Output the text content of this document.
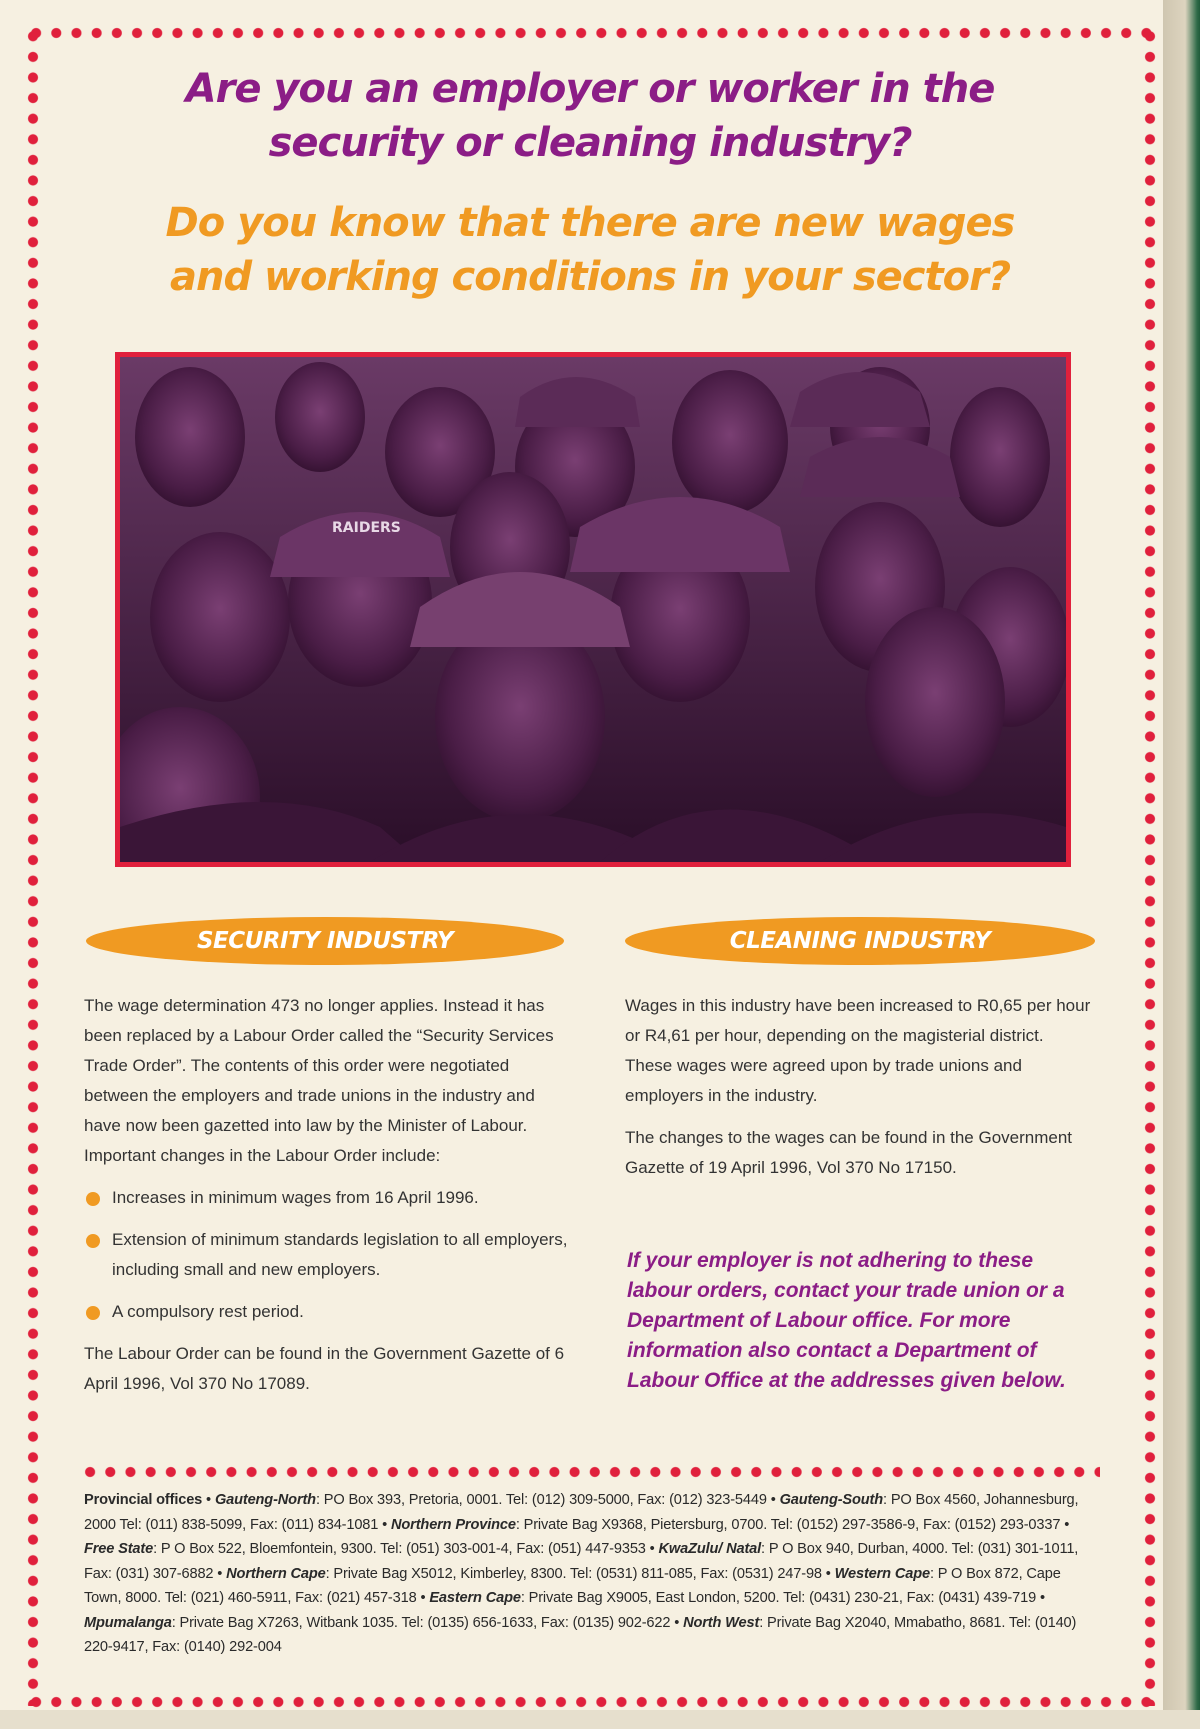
Are you an employer or worker in the
security or cleaning industry?
Do you know that there are new wages
and working conditions in your sector?
RAIDERS
SECURITY INDUSTRY	CLEANING INDUSTRY

The wage determination 473 no longer applies. Instead it has been replaced by a Labour Order called the “Security Services Trade Order”. The contents of this order were negotiated between the employers and trade unions in the industry and have now been gazetted into law by the Minister of Labour. Important changes in the Labour Order include:

Increases in minimum wages from 16 April 1996.
Extension of minimum standards legislation to all employers, including small and new employers.
A compulsory rest period.

The Labour Order can be found in the Government Gazette of 6 April 1996, Vol 370 No 17089.

Wages in this industry have been increased to R0,65 per hour or R4,61 per hour, depending on the magisterial district. These wages were agreed upon by trade unions and employers in the industry.

The changes to the wages can be found in the Government Gazette of 19 April 1996, Vol 370 No 17150.

If your employer is not adhering to these labour orders, contact your trade union or a Department of Labour office. For more information also contact a Department of Labour Office at the addresses given below.

Provincial offices • Gauteng-North: PO Box 393, Pretoria, 0001. Tel: (012) 309-5000, Fax: (012) 323-5449 • Gauteng-South: PO Box 4560, Johannesburg, 2000 Tel: (011) 838-5099, Fax: (011) 834-1081 • Northern Province: Private Bag X9368, Pietersburg, 0700. Tel: (0152) 297-3586-9, Fax: (0152) 293-0337 • Free State: P O Box 522, Bloemfontein, 9300. Tel: (051) 303-001-4, Fax: (051) 447-9353 • KwaZulu/ Natal: P O Box 940, Durban, 4000. Tel: (031) 301-1011, Fax: (031) 307-6882 • Northern Cape: Private Bag X5012, Kimberley, 8300. Tel: (0531) 811-085, Fax: (0531) 247-98 • Western Cape: P O Box 872, Cape Town, 8000. Tel: (021) 460-5911, Fax: (021) 457-318 • Eastern Cape: Private Bag X9005, East London, 5200. Tel: (0431) 230-21, Fax: (0431) 439-719 • Mpumalanga: Private Bag X7263, Witbank 1035. Tel: (0135) 656-1633, Fax: (0135) 902-622 • North West: Private Bag X2040, Mmabatho, 8681. Tel: (0140) 220-9417, Fax: (0140) 292-004
